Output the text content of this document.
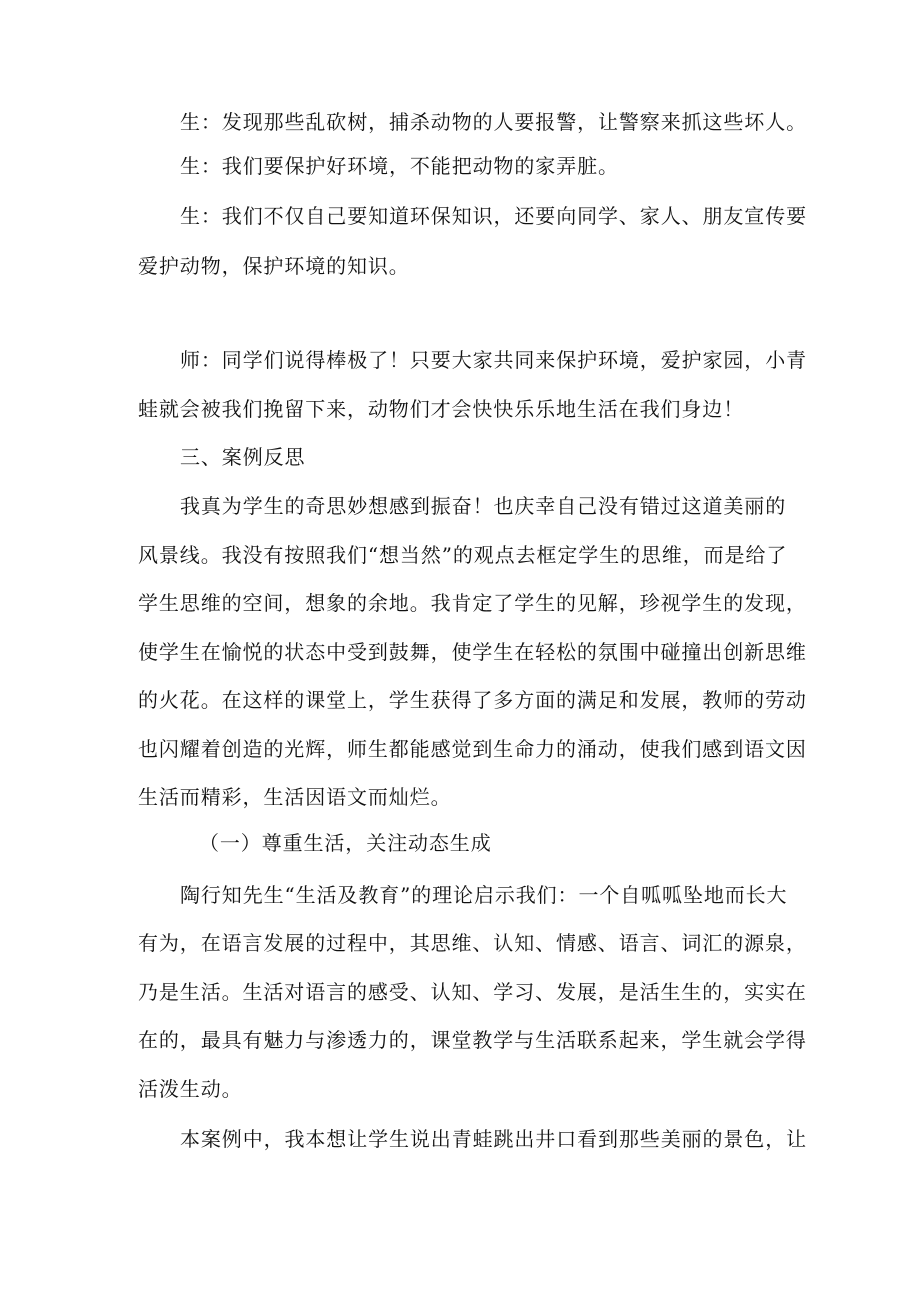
生：发现那些乱砍树，捕杀动物的人要报警，让警察来抓这些坏人。
生：我们要保护好环境，不能把动物的家弄脏。
生：我们不仅自己要知道环保知识，还要向同学、家人、朋友宣传要
爱护动物，保护环境的知识。
师：同学们说得棒极了！只要大家共同来保护环境，爱护家园，小青
蛙就会被我们挽留下来，动物们才会快快乐乐地生活在我们身边！
三、案例反思
我真为学生的奇思妙想感到振奋！也庆幸自己没有错过这道美丽的
风景线。我没有按照我们“想当然”的观点去框定学生的思维，而是给了
学生思维的空间，想象的余地。我肯定了学生的见解，珍视学生的发现，
使学生在愉悦的状态中受到鼓舞，使学生在轻松的氛围中碰撞出创新思维
的火花。在这样的课堂上，学生获得了多方面的满足和发展，教师的劳动
也闪耀着创造的光辉，师生都能感觉到生命力的涌动，使我们感到语文因
生活而精彩，生活因语文而灿烂。
（一）尊重生活，关注动态生成
陶行知先生“生活及教育”的理论启示我们：一个自呱呱坠地而长大
有为，在语言发展的过程中，其思维、认知、情感、语言、词汇的源泉，
乃是生活。生活对语言的感受、认知、学习、发展，是活生生的，实实在
在的，最具有魅力与渗透力的，课堂教学与生活联系起来，学生就会学得
活泼生动。
本案例中，我本想让学生说出青蛙跳出井口看到那些美丽的景色，让
